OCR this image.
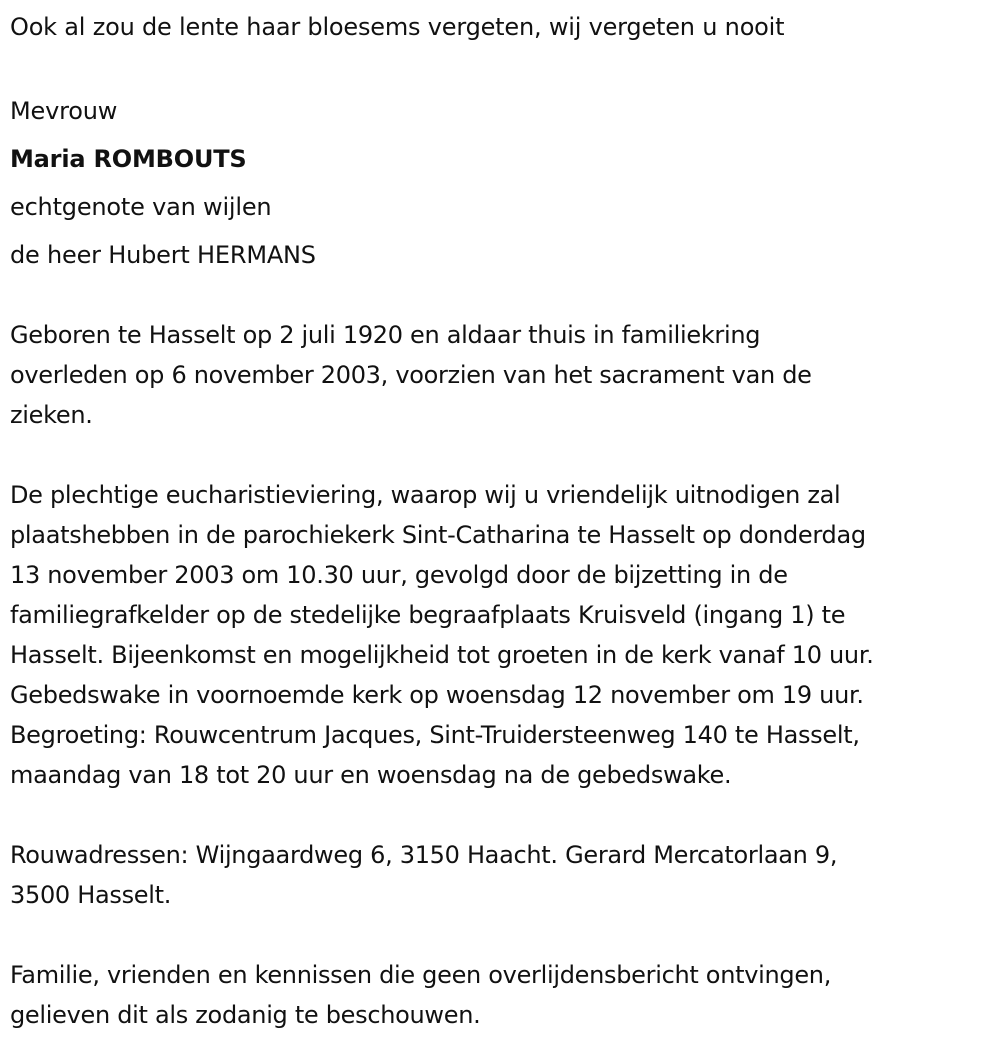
Ook al zou de lente haar bloesems vergeten, wij vergeten u nooit

Mevrouw

Maria ROMBOUTS

echtgenote van wijlen

de heer Hubert HERMANS

Geboren te Hasselt op 2 juli 1920 en aldaar thuis in familiekring
overleden op 6 november 2003, voorzien van het sacrament van de
zieken.
De plechtige eucharistieviering, waarop wij u vriendelijk uitnodigen zal
plaatshebben in de parochiekerk Sint-Catharina te Hasselt op donderdag
13 november 2003 om 10.30 uur, gevolgd door de bijzetting in de
familiegrafkelder op de stedelijke begraafplaats Kruisveld (ingang 1) te
Hasselt. Bijeenkomst en mogelijkheid tot groeten in de kerk vanaf 10 uur.
Gebedswake in voornoemde kerk op woensdag 12 november om 19 uur.
Begroeting: Rouwcentrum Jacques, Sint-Truidersteenweg 140 te Hasselt,
maandag van 18 tot 20 uur en woensdag na de gebedswake.
Rouwadressen: Wijngaardweg 6, 3150 Haacht. Gerard Mercatorlaan 9,
3500 Hasselt.
Familie, vrienden en kennissen die geen overlijdensbericht ontvingen,
gelieven dit als zodanig te beschouwen.
